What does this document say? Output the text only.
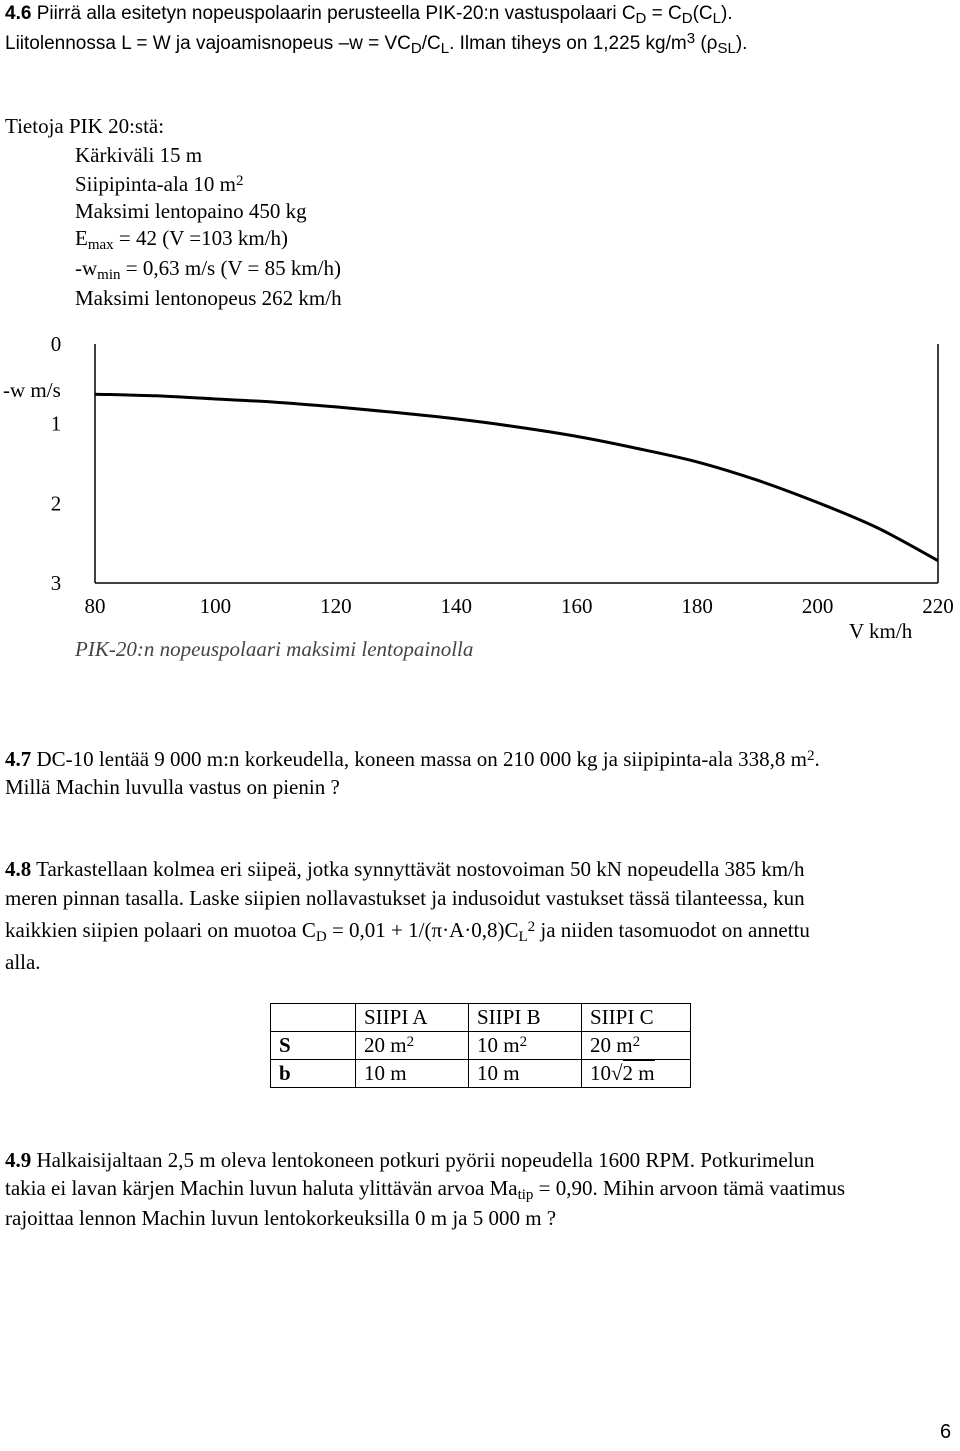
4.6 Piirrä alla esitetyn nopeuspolaarin perusteella PIK-20:n vastuspolaari $C_D = C_D(C_L)$.
Liitolennossa L = W ja vajoamisnopeus $-w = VC_D/C_L$. Ilman tiheys on 1,225 $kg/m^3$ $(\rho_{SL})$.
Tietoja PIK 20:stä:
Kärkiväli 15 m
Siipipinta-ala 10 $m^2$
Maksimi lentopaino 450 kg
$E_{max} = 42$ (V =103 km/h)
$-w_{min} = 0,63$ m/s (V = 85 km/h)
Maksimi lentonopeus 262 km/h
0
1
2
3
80	100	120	140	160	180	200	220
-w m/s
V km/h
PIK-20:n nopeuspolaari maksimi lentopainolla
4.7 DC-10 lentää 9 000 m:n korkeudella, koneen massa on 210 000 kg ja siipipinta-ala 338,8 $m^2$.
Millä Machin luvulla vastus on pienin ?
4.8 Tarkastellaan kolmea eri siipeä, jotka synnyttävät nostovoiman 50 kN nopeudella 385 km/h
meren pinnan tasalla. Laske siipien nollavastukset ja indusoidut vastukset tässä tilanteessa, kun
kaikkien siipien polaari on muotoa $C_D = 0,01 + 1/(\pi\cdot A\cdot 0,8)C_L^2$ ja niiden tasomuodot on annettu
alla.
	SIIPI A	SIIPI B	SIIPI C
S	20 $m^2$	10 $m^2$	20 $m^2$
b	10 m	10 m	10√2 m
4.9 Halkaisijaltaan 2,5 m oleva lentokoneen potkuri pyörii nopeudella 1600 RPM. Potkurimelun
takia ei lavan kärjen Machin luvun haluta ylittävän arvoa $Ma_{tip} = 0,90$. Mihin arvoon tämä vaatimus
rajoittaa lennon Machin luvun lentokorkeuksilla 0 m ja 5 000 m ?
6
